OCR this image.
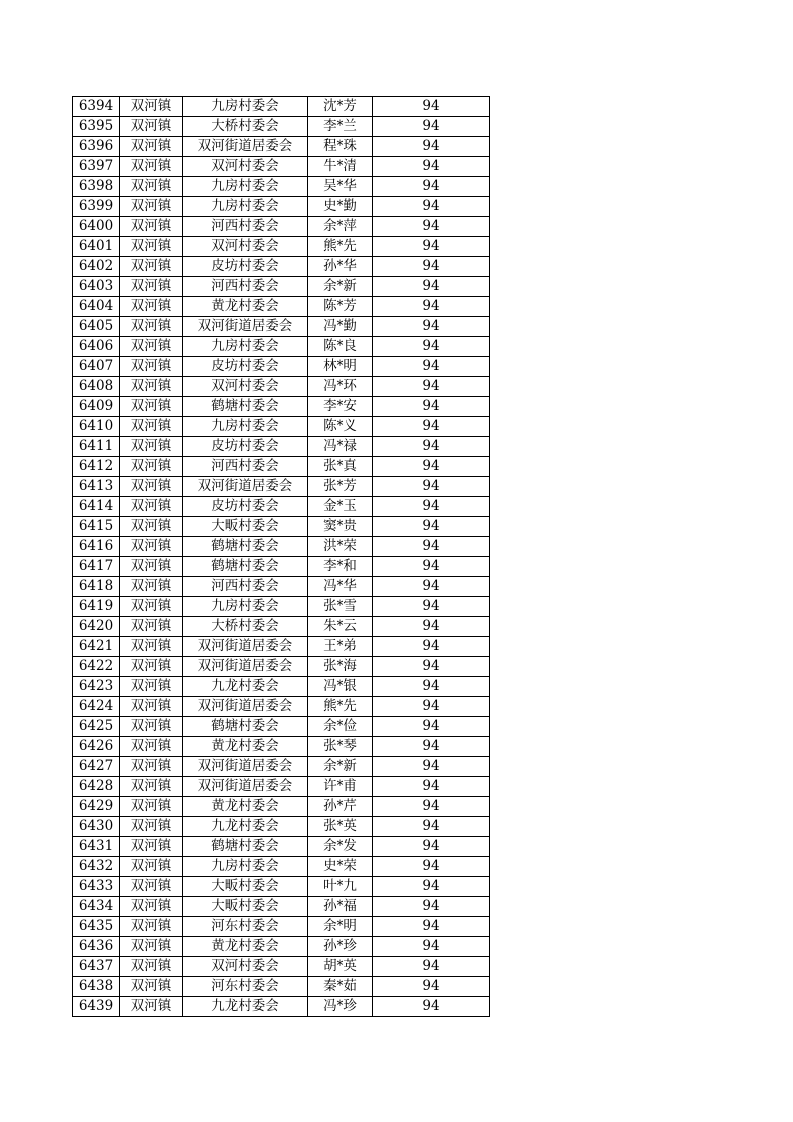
6394	双河镇	九房村委会	沈*芳	94
6395	双河镇	大桥村委会	李*兰	94
6396	双河镇	双河街道居委会	程*珠	94
6397	双河镇	双河村委会	牛*清	94
6398	双河镇	九房村委会	吴*华	94
6399	双河镇	九房村委会	史*勤	94
6400	双河镇	河西村委会	余*萍	94
6401	双河镇	双河村委会	熊*先	94
6402	双河镇	皮坊村委会	孙*华	94
6403	双河镇	河西村委会	余*新	94
6404	双河镇	黄龙村委会	陈*芳	94
6405	双河镇	双河街道居委会	冯*勤	94
6406	双河镇	九房村委会	陈*良	94
6407	双河镇	皮坊村委会	林*明	94
6408	双河镇	双河村委会	冯*环	94
6409	双河镇	鹤塘村委会	李*安	94
6410	双河镇	九房村委会	陈*义	94
6411	双河镇	皮坊村委会	冯*禄	94
6412	双河镇	河西村委会	张*真	94
6413	双河镇	双河街道居委会	张*芳	94
6414	双河镇	皮坊村委会	金*玉	94
6415	双河镇	大畈村委会	窦*贵	94
6416	双河镇	鹤塘村委会	洪*荣	94
6417	双河镇	鹤塘村委会	李*和	94
6418	双河镇	河西村委会	冯*华	94
6419	双河镇	九房村委会	张*雪	94
6420	双河镇	大桥村委会	朱*云	94
6421	双河镇	双河街道居委会	王*弟	94
6422	双河镇	双河街道居委会	张*海	94
6423	双河镇	九龙村委会	冯*银	94
6424	双河镇	双河街道居委会	熊*先	94
6425	双河镇	鹤塘村委会	余*俭	94
6426	双河镇	黄龙村委会	张*琴	94
6427	双河镇	双河街道居委会	余*新	94
6428	双河镇	双河街道居委会	许*甫	94
6429	双河镇	黄龙村委会	孙*芹	94
6430	双河镇	九龙村委会	张*英	94
6431	双河镇	鹤塘村委会	余*发	94
6432	双河镇	九房村委会	史*荣	94
6433	双河镇	大畈村委会	叶*九	94
6434	双河镇	大畈村委会	孙*福	94
6435	双河镇	河东村委会	余*明	94
6436	双河镇	黄龙村委会	孙*珍	94
6437	双河镇	双河村委会	胡*英	94
6438	双河镇	河东村委会	秦*茹	94
6439	双河镇	九龙村委会	冯*珍	94
